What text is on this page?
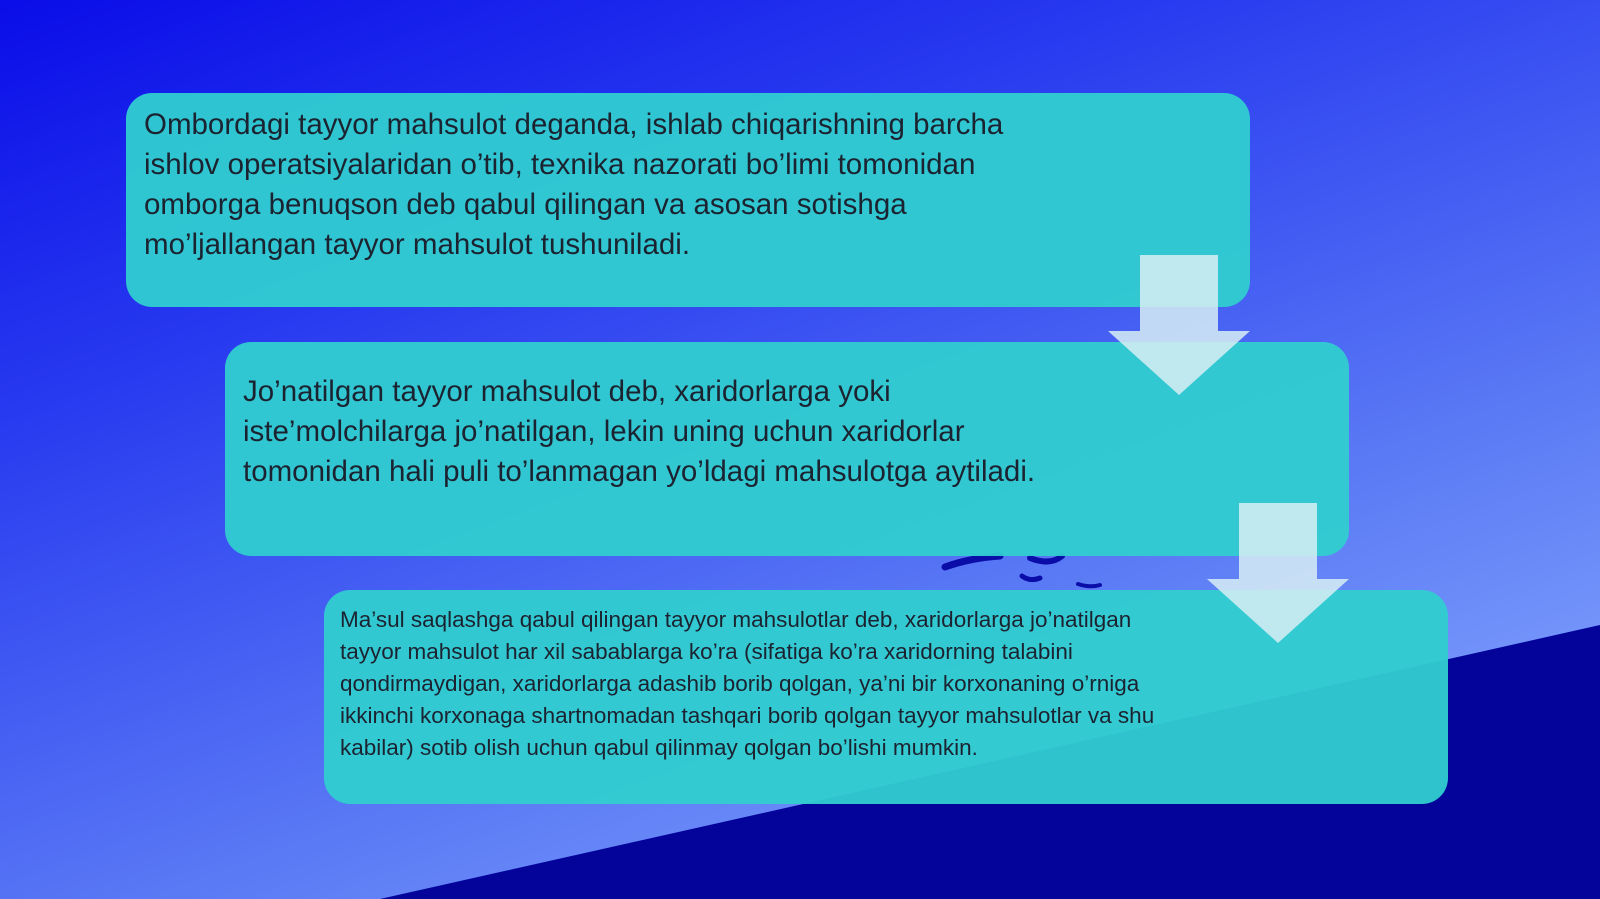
Ombordagi tayyor mahsulot deganda, ishlab chiqarishning barcha ishlov operatsiyalaridan o’tib, texnika nazorati bo’limi tomonidan omborga benuqson deb qabul qilingan va asosan sotishga mo’ljallangan tayyor mahsulot tushuniladi.

Jo’natilgan tayyor mahsulot deb, xaridorlarga yoki iste’molchilarga jo’natilgan, lekin uning uchun xaridorlar tomonidan hali puli to’lanmagan yo’ldagi mahsulotga aytiladi.

Ma’sul saqlashga qabul qilingan tayyor mahsulotlar deb, xaridorlarga jo’natilgan tayyor mahsulot har xil sabablarga ko’ra (sifatiga ko’ra xaridorning talabini qondirmaydigan, xaridorlarga adashib borib qolgan, ya’ni bir korxonaning o’rniga ikkinchi korxonaga shartnomadan tashqari borib qolgan tayyor mahsulotlar va shu kabilar) sotib olish uchun qabul qilinmay qolgan bo’lishi mumkin.
